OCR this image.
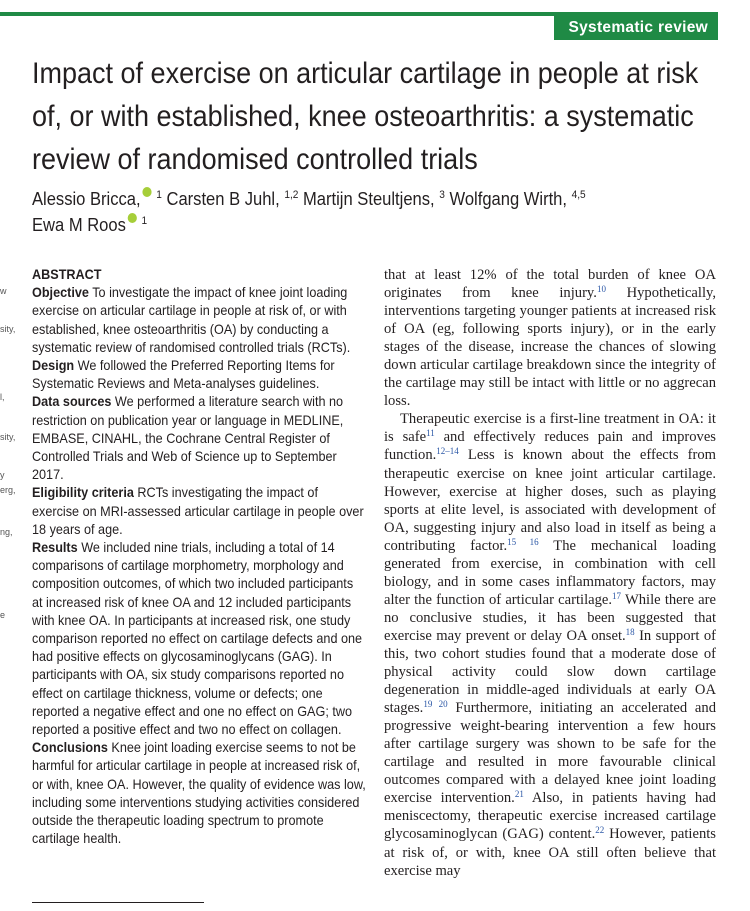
Systematic review
Impact of exercise on articular cartilage in people at risk of, or with established, knee osteoarthritis: a systematic review of randomised controlled trials
Alessio Bricca, $^1$ Carsten B Juhl, $^{1,2}$ Martijn Steultjens, $^3$ Wolfgang Wirth, $^{4,5}$
Ewa M Roos $^1$
w
sity,
l,
sity,
y
erg,
ng,
e
ABSTRACT

Objective To investigate the impact of knee joint loading exercise on articular cartilage in people at risk of, or with established, knee osteoarthritis (OA) by conducting a systematic review of randomised controlled trials (RCTs).

Design We followed the Preferred Reporting Items for Systematic Reviews and Meta-analyses guidelines.

Data sources We performed a literature search with no restriction on publication year or language in MEDLINE, EMBASE, CINAHL, the Cochrane Central Register of Controlled Trials and Web of Science up to September 2017.

Eligibility criteria RCTs investigating the impact of exercise on MRI-assessed articular cartilage in people over 18 years of age.

Results We included nine trials, including a total of 14 comparisons of cartilage morphometry, morphology and composition outcomes, of which two included participants at increased risk of knee OA and 12 included participants with knee OA. In participants at increased risk, one study comparison reported no effect on cartilage defects and one had positive effects on glycosaminoglycans (GAG). In participants with OA, six study comparisons reported no effect on cartilage thickness, volume or defects; one reported a negative effect and one no effect on GAG; two reported a positive effect and two no effect on collagen.

Conclusions Knee joint loading exercise seems to not be harmful for articular cartilage in people at increased risk of, or with, knee OA. However, the quality of evidence was low, including some interventions studying activities considered outside the therapeutic loading spectrum to promote cartilage health.

that at least 12% of the total burden of knee OA originates from knee injury.$^{10}$ Hypothetically, interventions targeting younger patients at increased risk of OA (eg, following sports injury), or in the early stages of the disease, increase the chances of slowing down articular cartilage breakdown since the integrity of the cartilage may still be intact with little or no aggrecan loss.

Therapeutic exercise is a first-line treatment in OA: it is safe$^{11}$ and effectively reduces pain and improves function.$^{12-14}$ Less is known about the effects from therapeutic exercise on knee joint articular cartilage. However, exercise at higher doses, such as playing sports at elite level, is associated with development of OA, suggesting injury and also load in itself as being a contributing factor.$^{15 16}$ The mechanical loading generated from exercise, in combination with cell biology, and in some cases inflammatory factors, may alter the function of articular cartilage.$^{17}$ While there are no conclusive studies, it has been suggested that exercise may prevent or delay OA onset.$^{18}$ In support of this, two cohort studies found that a moderate dose of physical activity could slow down cartilage degeneration in middle-aged individuals at early OA stages.$^{19 20}$ Furthermore, initiating an accelerated and progressive weight-bearing intervention a few hours after cartilage surgery was shown to be safe for the cartilage and resulted in more favourable clinical outcomes compared with a delayed knee joint loading exercise intervention.$^{21}$ Also, in patients having had meniscectomy, therapeutic exercise increased cartilage glycosaminoglycan (GAG) content.$^{22}$ However, patients at risk of, or with, knee OA still often believe that exercise may
